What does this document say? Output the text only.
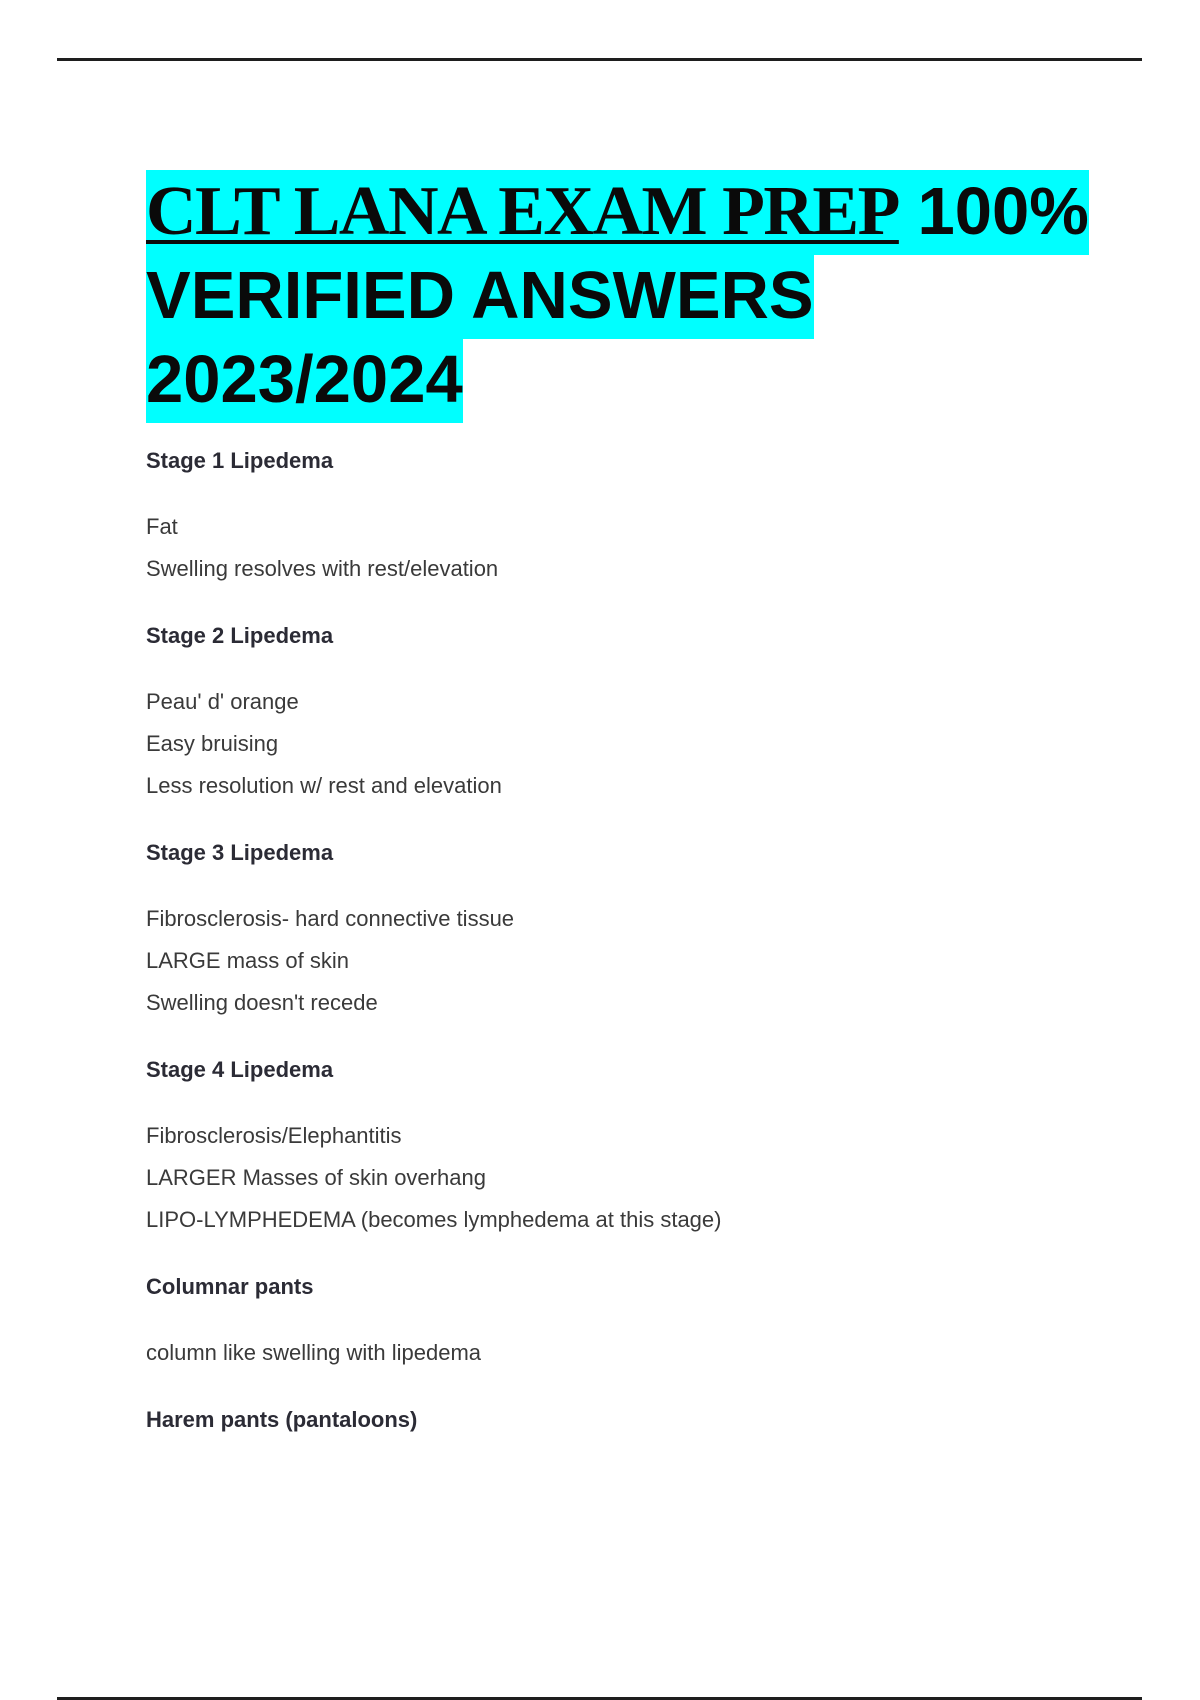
CLT LANA EXAM PREP 100% VERIFIED ANSWERS 2023/2024
Stage 1 Lipedema
Fat
Swelling resolves with rest/elevation
Stage 2 Lipedema
Peau' d' orange
Easy bruising
Less resolution w/ rest and elevation
Stage 3 Lipedema
Fibrosclerosis- hard connective tissue
LARGE mass of skin
Swelling doesn't recede
Stage 4 Lipedema
Fibrosclerosis/Elephantitis
LARGER Masses of skin overhang
LIPO-LYMPHEDEMA (becomes lymphedema at this stage)
Columnar pants
column like swelling with lipedema
Harem pants (pantaloons)
